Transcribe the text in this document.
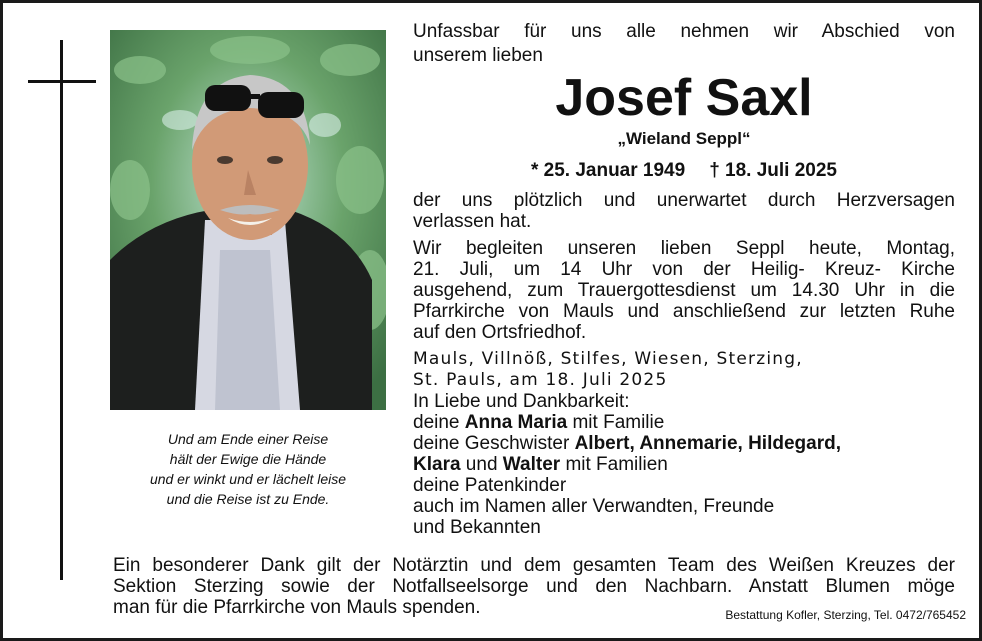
Und am Ende einer Reise
hält der Ewige die Hände
und er winkt und er lächelt leise
und die Reise ist zu Ende.
Unfassbar für uns alle nehmen wir Abschied von
unserem lieben
Josef Saxl
„Wieland Seppl“
* 25. Januar 1949 † 18. Juli 2025
der uns plötzlich und unerwartet durch Herzversagen
verlassen hat.
Wir begleiten unseren lieben Seppl heute, Montag,
21. Juli, um 14 Uhr von der Heilig- Kreuz- Kirche
ausgehend, zum Trauergottesdienst um 14.30 Uhr in die
Pfarrkirche von Mauls und anschließend zur letzten Ruhe
auf den Ortsfriedhof.
Mauls, Villnöß, Stilfes, Wiesen, Sterzing,
St. Pauls, am 18. Juli 2025
In Liebe und Dankbarkeit:
deine Anna Maria mit Familie
deine Geschwister Albert, Annemarie, Hildegard,
Klara und Walter mit Familien
deine Patenkinder
auch im Namen aller Verwandten, Freunde
und Bekannten
Ein besonderer Dank gilt der Notärztin und dem gesamten Team des Weißen Kreuzes der
Sektion Sterzing sowie der Notfallseelsorge und den Nachbarn. Anstatt Blumen möge
man für die Pfarrkirche von Mauls spenden.	Bestattung Kofler, Sterzing, Tel. 0472/765452
